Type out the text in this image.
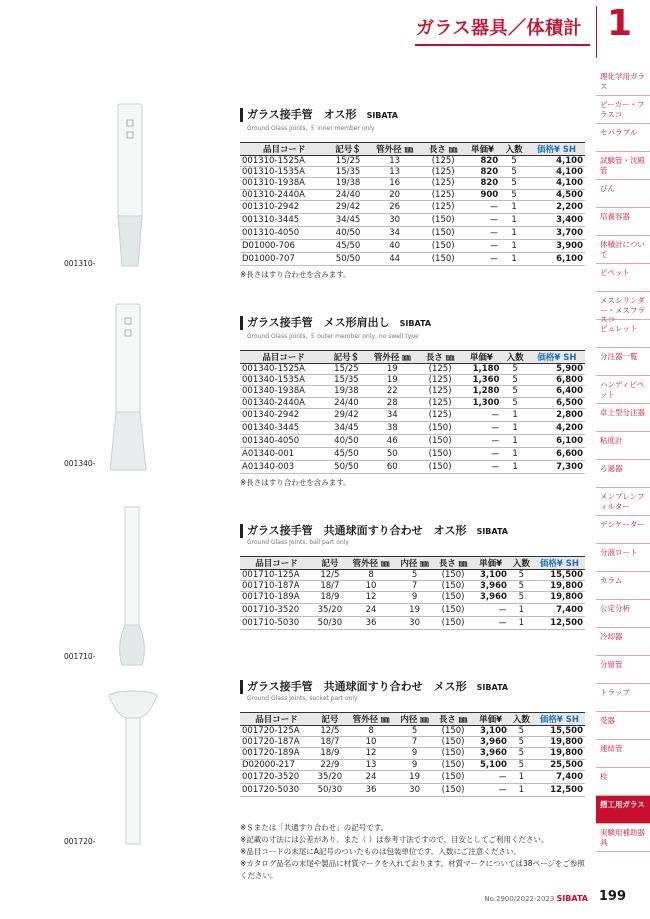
ガラス器具／体積計 1
理化学用ガラス
ビーカー・フラスコ
セパラブル
試験管・沈殿管
びん
培養容器
体積計について
ピペット
メスシリンダー・メスフラスコ
ビュレット
分注器一覧
ハンディピペット
卓上型分注器
粘度計
ろ過器
メンブレンフィルター
デシケーター
分液ロート
カラム
公定分析
冷却器
分留管
トラップ
受器
連結管
栓
摺工用ガラス
実験用補助器具
001310-
001340-
001710-
001720-
ガラス接手管　オス形 SIBATA
Ground Glass Joints, ＄ inner member only
品目コード	記号＄	管外径 ㎜	長さ ㎜	単価¥	入数	価格¥ SH
001310-1525A	15/25	13	(125)	820	5	4,100
001310-1535A	15/35	13	(125)	820	5	4,100
001310-1938A	19/38	16	(125)	820	5	4,100
001310-2440A	24/40	20	(125)	900	5	4,500
001310-2942	29/42	26	(125)	－	1	2,200
001310-3445	34/45	30	(150)	－	1	3,400
001310-4050	40/50	34	(150)	－	1	3,700
D01000-706	45/50	40	(150)	－	1	3,900
D01000-707	50/50	44	(150)	－	1	6,100
※長さはすり合わせを含みます。
ガラス接手管　メス形肩出し SIBATA
Ground Glass Joints, ＄ outer member only, no swell type
品目コード	記号＄	管外径 ㎜	長さ ㎜	単価¥	入数	価格¥ SH
001340-1525A	15/25	19	(125)	1,180	5	5,900
001340-1535A	15/35	19	(125)	1,360	5	6,800
001340-1938A	19/38	22	(125)	1,280	5	6,400
001340-2440A	24/40	28	(125)	1,300	5	6,500
001340-2942	29/42	34	(125)	－	1	2,800
001340-3445	34/45	38	(150)	－	1	4,200
001340-4050	40/50	46	(150)	－	1	6,100
A01340-001	45/50	50	(150)	－	1	6,600
A01340-003	50/50	60	(150)	－	1	7,300
※長さはすり合わせを含みます。
ガラス接手管　共通球面すり合わせ　オス形 SIBATA
Ground Glass Joints, ball part only
品目コード	記号	管外径 ㎜	内径 ㎜	長さ ㎜	単価¥	入数	価格¥ SH
001710-125A	12/5	8	5	(150)	3,100	5	15,500
001710-187A	18/7	10	7	(150)	3,960	5	19,800
001710-189A	18/9	12	9	(150)	3,960	5	19,800
001710-3520	35/20	24	19	(150)	－	1	7,400
001710-5030	50/30	36	30	(150)	－	1	12,500
ガラス接手管　共通球面すり合わせ　メス形 SIBATA
Ground Glass Joints, socket part only
品目コード	記号	管外径 ㎜	内径 ㎜	長さ ㎜	単価¥	入数	価格¥ SH
001720-125A	12/5	8	5	(150)	3,100	5	15,500
001720-187A	18/7	10	7	(150)	3,960	5	19,800
001720-189A	18/9	12	9	(150)	3,960	5	19,800
D02000-217	22/9	13	9	(150)	5,100	5	25,500
001720-3520	35/20	24	19	(150)	－	1	7,400
001720-5030	50/30	36	30	(150)	－	1	12,500
※＄または「共通すり合わせ」の記号です。
※記載の寸法には公差があり、また（ ）は参考寸法ですので、目安としてご利用ください。
※品目コードの末尾にA記号のついたものは包装単位です。入数にご注意ください。
※カタログ品名の末尾や製品に材質マークを入れております。材質マークについては38ページをご参照ください。
No.2900/2022-2023 SIBATA 199
